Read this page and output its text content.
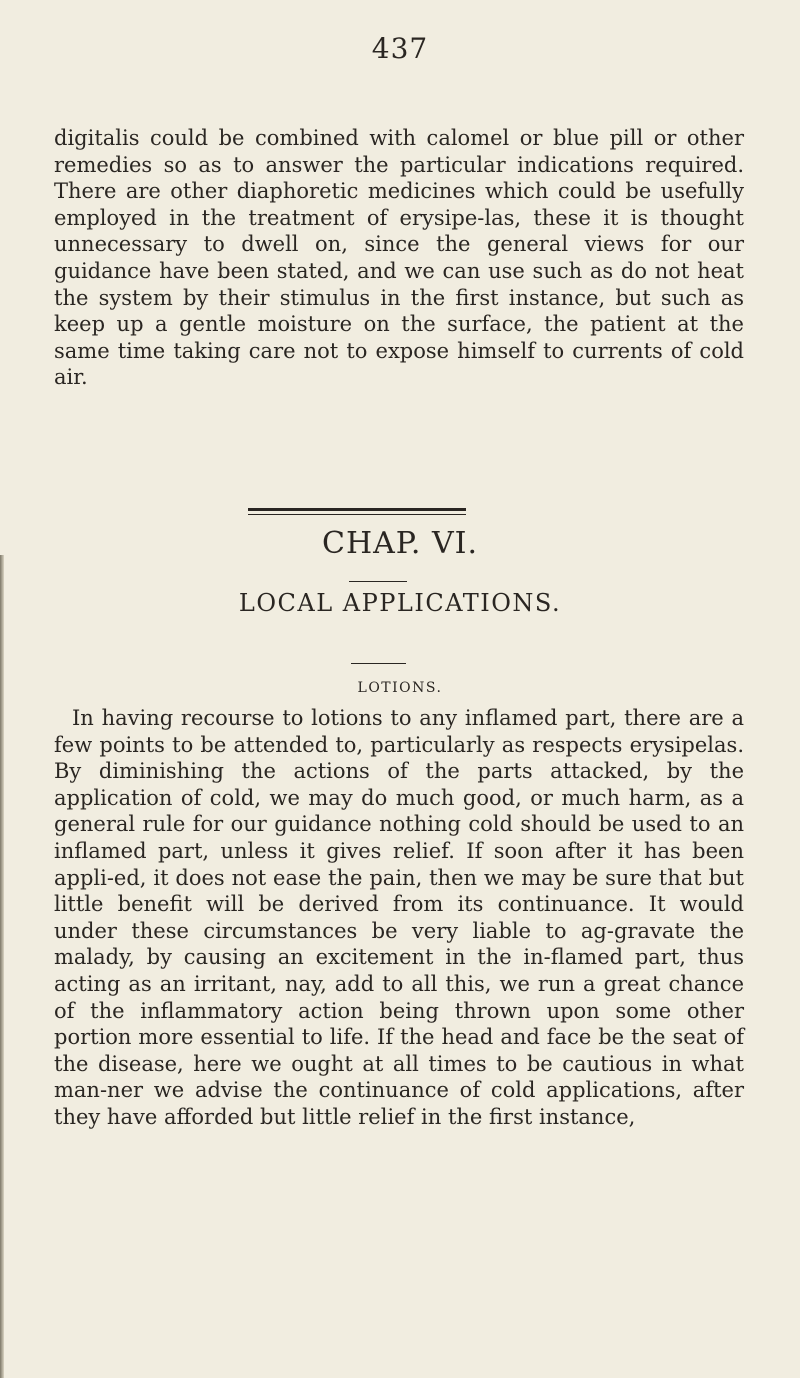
437

digitalis could be combined with calomel or blue pill or other remedies so as to answer the particular indications required. There are other diaphoretic medicines which could be usefully employed in the treatment of erysipe-las, these it is thought unnecessary to dwell on, since the general views for our guidance have been stated, and we can use such as do not heat the system by their stimulus in the first instance, but such as keep up a gentle moisture on the surface, the patient at the same time taking care not to expose himself to currents of cold air.

CHAP. VI.
LOCAL APPLICATIONS.
LOTIONS.

In having recourse to lotions to any inflamed part, there are a few points to be attended to, particularly as respects erysipelas. By diminishing the actions of the parts attacked, by the application of cold, we may do much good, or much harm, as a general rule for our guidance nothing cold should be used to an inflamed part, unless it gives relief. If soon after it has been appli-ed, it does not ease the pain, then we may be sure that but little benefit will be derived from its continuance. It would under these circumstances be very liable to ag-gravate the malady, by causing an excitement in the in-flamed part, thus acting as an irritant, nay, add to all this, we run a great chance of the inflammatory action being thrown upon some other portion more essential to life. If the head and face be the seat of the disease, here we ought at all times to be cautious in what man-ner we advise the continuance of cold applications, after they have afforded but little relief in the first instance,
